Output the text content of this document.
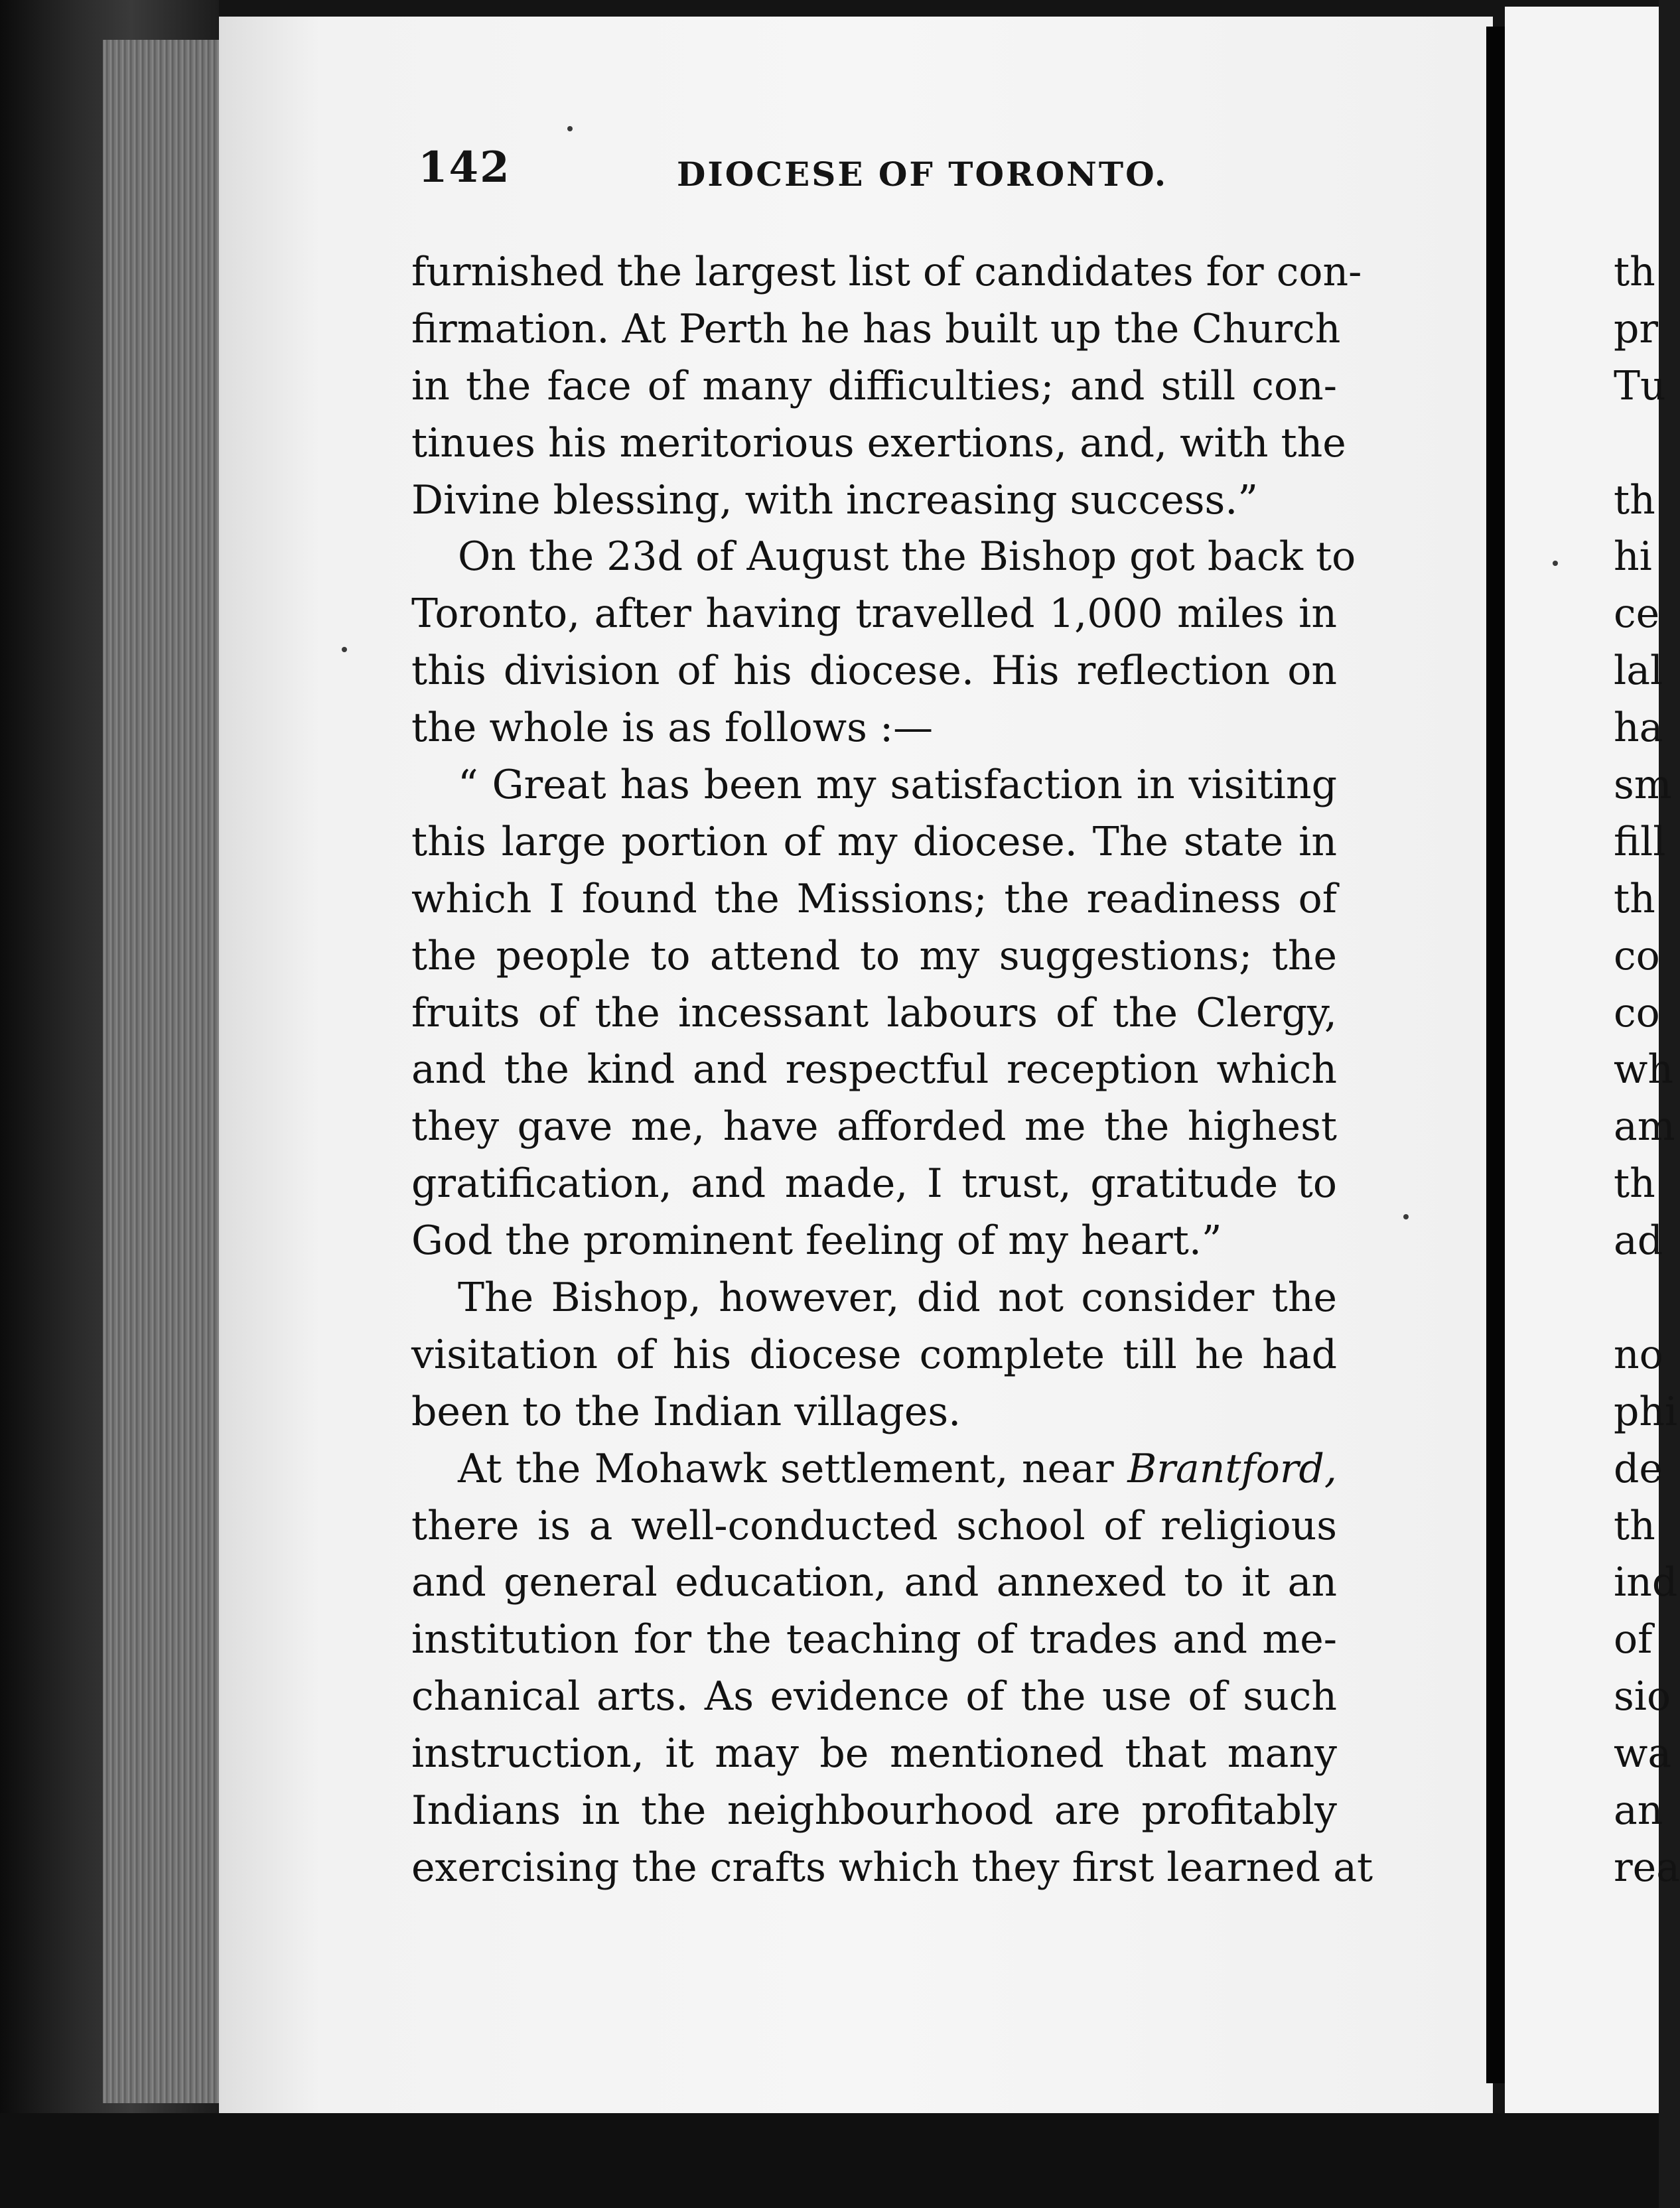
142	DIOCESE OF TORONTO.
furnished the largest list of candidates for con-
firmation. At Perth he has built up the Church
in the face of many difficulties; and still con-
tinues his meritorious exertions, and, with the
Divine blessing, with increasing success.”
On the 23d of August the Bishop got back to
Toronto, after having travelled 1,000 miles in
this division of his diocese. His reflection on
the whole is as follows :—
“ Great has been my satisfaction in visiting
this large portion of my diocese. The state in
which I found the Missions; the readiness of
the people to attend to my suggestions; the
fruits of the incessant labours of the Clergy,
and the kind and respectful reception which
they gave me, have afforded me the highest
gratification, and made, I trust, gratitude to
God the prominent feeling of my heart.”
The Bishop, however, did not consider the
visitation of his diocese complete till he had
been to the Indian villages.
At the Mohawk settlement, near Brantford,
there is a well-conducted school of religious
and general education, and annexed to it an
institution for the teaching of trades and me-
chanical arts. As evidence of the use of such
instruction, it may be mentioned that many
Indians in the neighbourhood are profitably
exercising the crafts which they first learned at
th
pr
Tu
th
hi
ce
lal
ha
sm
fill
th
co
co
wh
am
th
ad
no
phi
de
th
ind
of
sio
wa
an
rea
